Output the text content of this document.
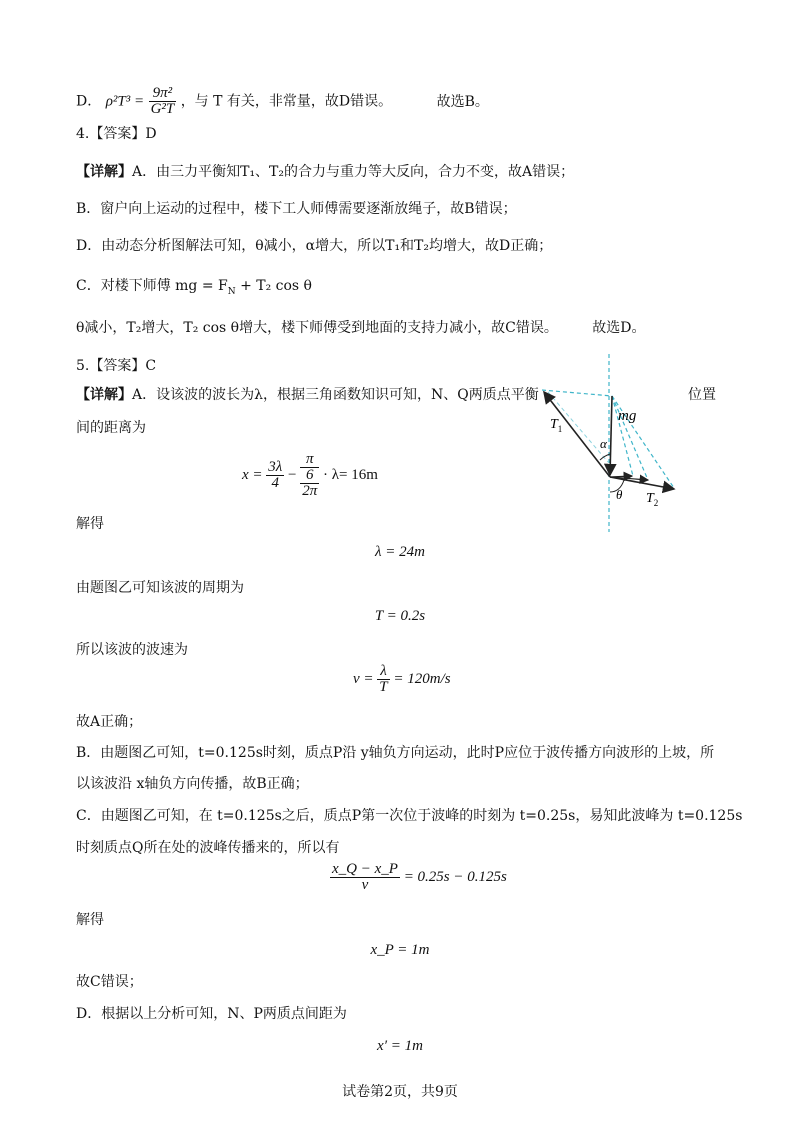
D． $\rho^2T^3 = \frac{\text{9π²}}{\text{G²T}}$ ，与 T 有关，非常量，故D错误。	故选B。
4.【答案】D
【详解】A．由三力平衡知T₁、T₂的合力与重力等大反向，合力不变，故A错误；
B．窗户向上运动的过程中，楼下工人师傅需要逐渐放绳子，故B错误；
D．由动态分析图解法可知，θ减小，α增大，所以T₁和T₂均增大，故D正确；
C．对楼下师傅 mg = $F_N + T_2$ cos θ
θ减小，T₂增大，T₂ cos θ增大，楼下师傅受到地面的支持力减小，故C错误。 故选D。
5.【答案】C
【详解】A．设该波的波长为λ，根据三角函数知识可知，N、Q两质点平衡	位置
间的距离为
$x = \frac{3\lambda}{4}$ −
π
6
2π
· λ= 16m
解得
λ = 24m
由题图乙可知该波的周期为
T = 0.2s
所以该波的波速为
$v = \frac{\lambda}{T} = 120m/s$
故A正确；
B．由题图乙可知，t=0.125s时刻，质点P沿 y轴负方向运动，此时P应位于波传播方向波形的上坡，所
以该波沿 x轴负方向传播，故B正确；
C．由题图乙可知，在 t=0.125s之后，质点P第一次位于波峰的时刻为 t=0.25s，易知此波峰为 t=0.125s
时刻质点Q所在处的波峰传播来的，所以有
$\frac{x\_Q - x\_P}{v} = 0.25s - 0.125s$
解得
x_P = 1m
故C错误；
D．根据以上分析可知，N、P两质点间距为
x′ = 1m
试卷第2页，共9页
mg
α
$T_1$
θ $T_2$
